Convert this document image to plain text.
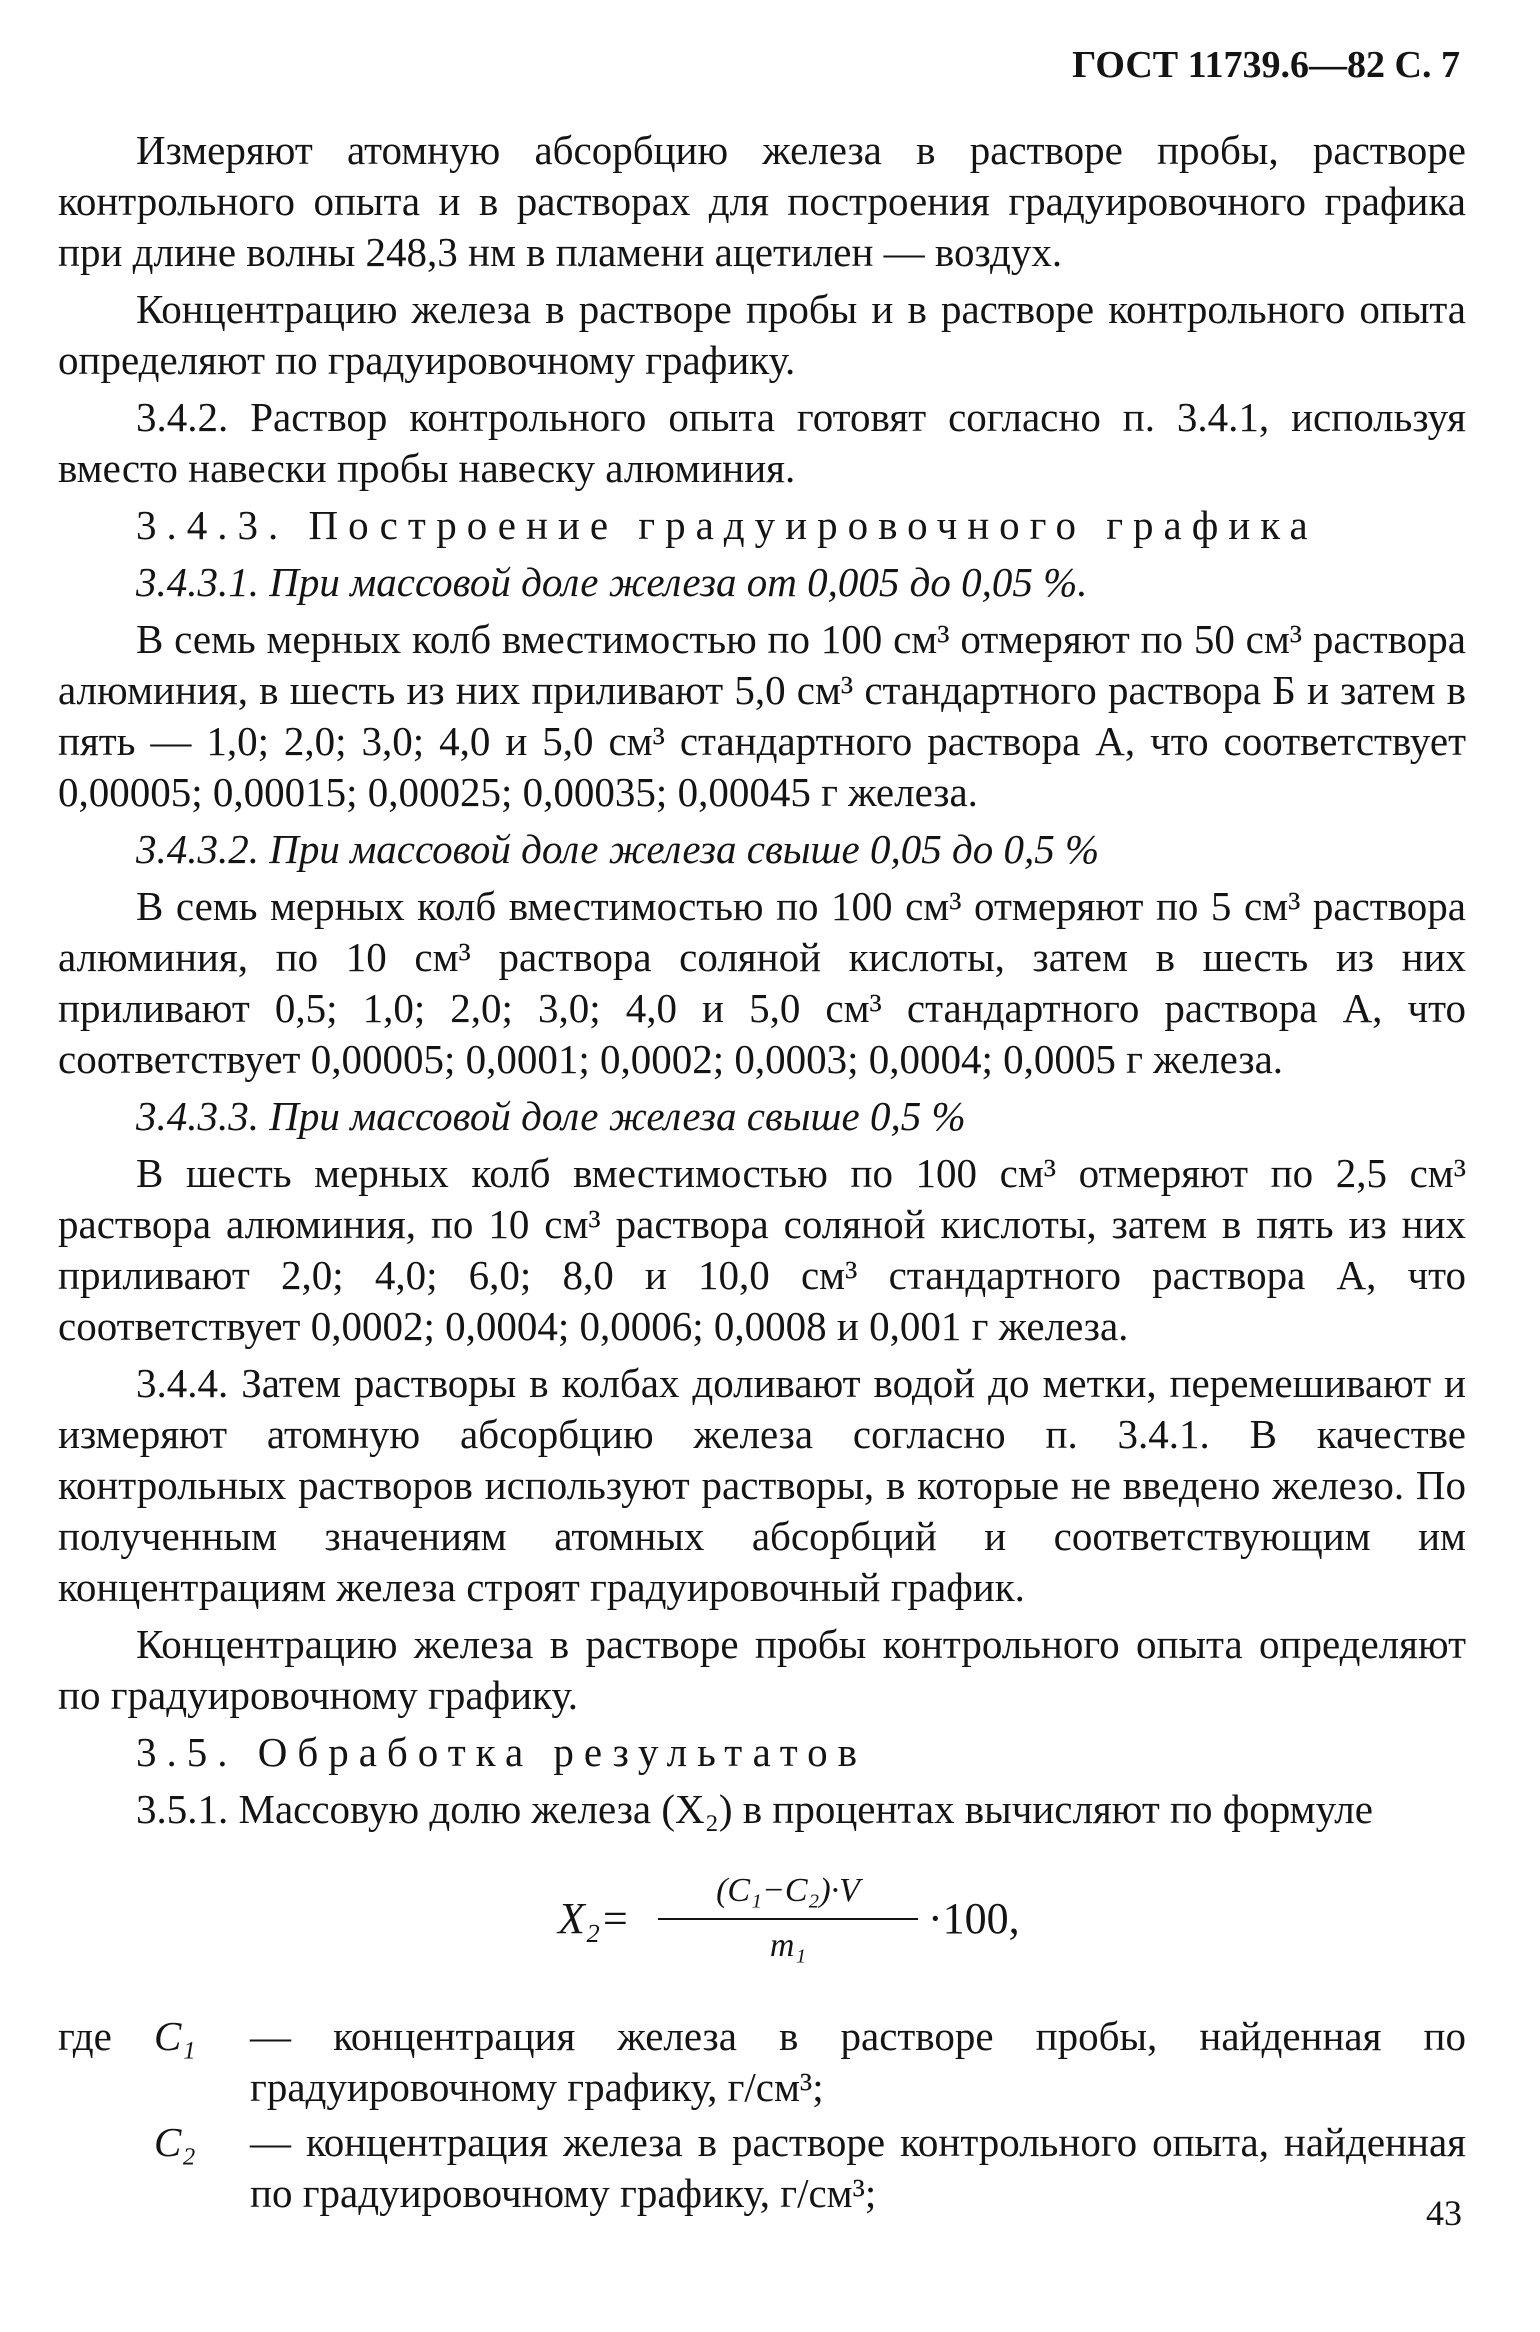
ГОСТ 11739.6—82 С. 7

Измеряют атомную абсорбцию железа в растворе пробы, растворе контрольного опыта и в растворах для построения градуировочного графика при длине волны 248,3 нм в пламени ацетилен — воздух.

Концентрацию железа в растворе пробы и в растворе контрольного опыта определяют по градуировочному графику.

3.4.2. Раствор контрольного опыта готовят согласно п. 3.4.1, используя вместо навески пробы навеску алюминия.

3.4.3. Построение градуировочного графика

3.4.3.1. При массовой доле железа от 0,005 до 0,05 %.

В семь мерных колб вместимостью по 100 см³ отмеряют по 50 см³ раствора алюминия, в шесть из них приливают 5,0 см³ стандартного раствора Б и затем в пять — 1,0; 2,0; 3,0; 4,0 и 5,0 см³ стандартного раствора А, что соответствует 0,00005; 0,00015; 0,00025; 0,00035; 0,00045 г железа.

3.4.3.2. При массовой доле железа свыше 0,05 до 0,5 %

В семь мерных колб вместимостью по 100 см³ отмеряют по 5 см³ раствора алюминия, по 10 см³ раствора соляной кислоты, затем в шесть из них приливают 0,5; 1,0; 2,0; 3,0; 4,0 и 5,0 см³ стандартного раствора А, что соответствует 0,00005; 0,0001; 0,0002; 0,0003; 0,0004; 0,0005 г железа.

3.4.3.3. При массовой доле железа свыше 0,5 %

В шесть мерных колб вместимостью по 100 см³ отмеряют по 2,5 см³ раствора алюминия, по 10 см³ раствора соляной кислоты, затем в пять из них приливают 2,0; 4,0; 6,0; 8,0 и 10,0 см³ стандартного раствора А, что соответствует 0,0002; 0,0004; 0,0006; 0,0008 и 0,001 г железа.

3.4.4. Затем растворы в колбах доливают водой до метки, перемешивают и измеряют атомную абсорбцию железа согласно п. 3.4.1. В качестве контрольных растворов используют растворы, в которые не введено железо. По полученным значениям атомных абсорбций и соответствующим им концентрациям железа строят градуировочный график.

Концентрацию железа в растворе пробы контрольного опыта определяют по градуировочному графику.

3.5. Обработка результатов

3.5.1. Массовую долю железа (X₂) в процентах вычисляют по формуле

$X_2= \frac{\text{(C₁−C₂)·V}}{\text{m₁}} \cdot 100$,
где C₁ — концентрация железа в растворе пробы, найденная по градуировочному графику, г/см³;
C₂ — концентрация железа в растворе контрольного опыта, найденная по градуировочному графику, г/см³;	43
